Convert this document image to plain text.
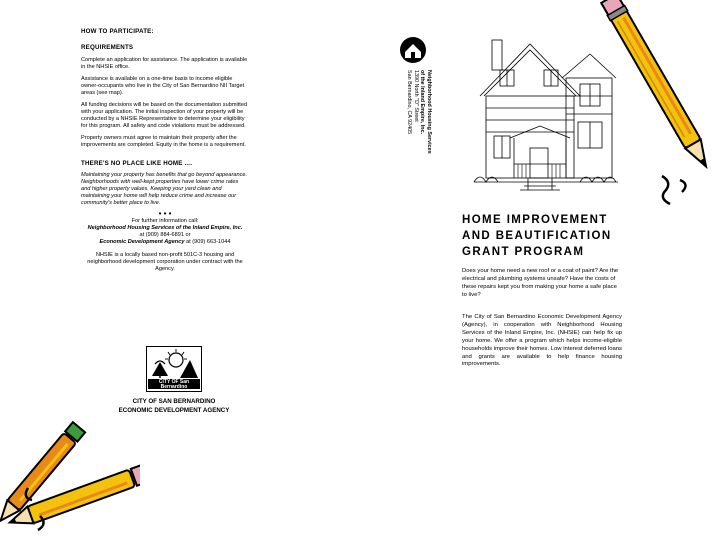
HOW TO PARTICIPATE:
REQUIREMENTS

Complete an application for assistance. The application is available in the NHSIE office.

Assistance is available on a one-time basis to income eligible owner-occupants who live in the City of San Bernardino NII Target areas (see map).

All funding decisions will be based on the documentation submitted with your application. The initial inspection of your property will be conducted by a NHSIE Representative to determine your eligibility for this program. All safety and code violations must be addressed.

Property owners must agree to maintain their property after the improvements are completed. Equity in the home is a requirement.

THERE'S NO PLACE LIKE HOME ....

Maintaining your property has benefits that go beyond appearance. Neighborhoods with well-kept properties have lower crime rates and higher property values. Keeping your yard clean and maintaining your home will help reduce crime and increase our community's better place to live.

• • •
For further information call:
Neighborhood Housing Services of the Inland Empire, Inc.
at (909) 884-6891 or
Economic Development Agency at (909) 663-1044

NHSIE is a locally based non-profit 501C-3 housing and neighborhood development corporation under contract with the Agency.

CITY OF San Bernardino
CITY OF SAN BERNARDINO
ECONOMIC DEVELOPMENT AGENCY
Neighborhood Housing Services
of the Inland Empire, Inc.
1390 North "D" Street
San Bernardino, CA 92405
HOME IMPROVEMENT
AND BEAUTIFICATION
GRANT PROGRAM

Does your home need a new roof or a coat of paint? Are the electrical and plumbing systems unsafe? Have the costs of these repairs kept you from making your home a safe place to live?

The City of San Bernardino Economic Development Agency (Agency), in cooperation with Neighborhood Housing Services of the Inland Empire, Inc. (NHSIE) can help fix up your home. We offer a program which helps income-eligible households improve their homes. Low interest deferred loans and grants are available to help finance housing improvements.
